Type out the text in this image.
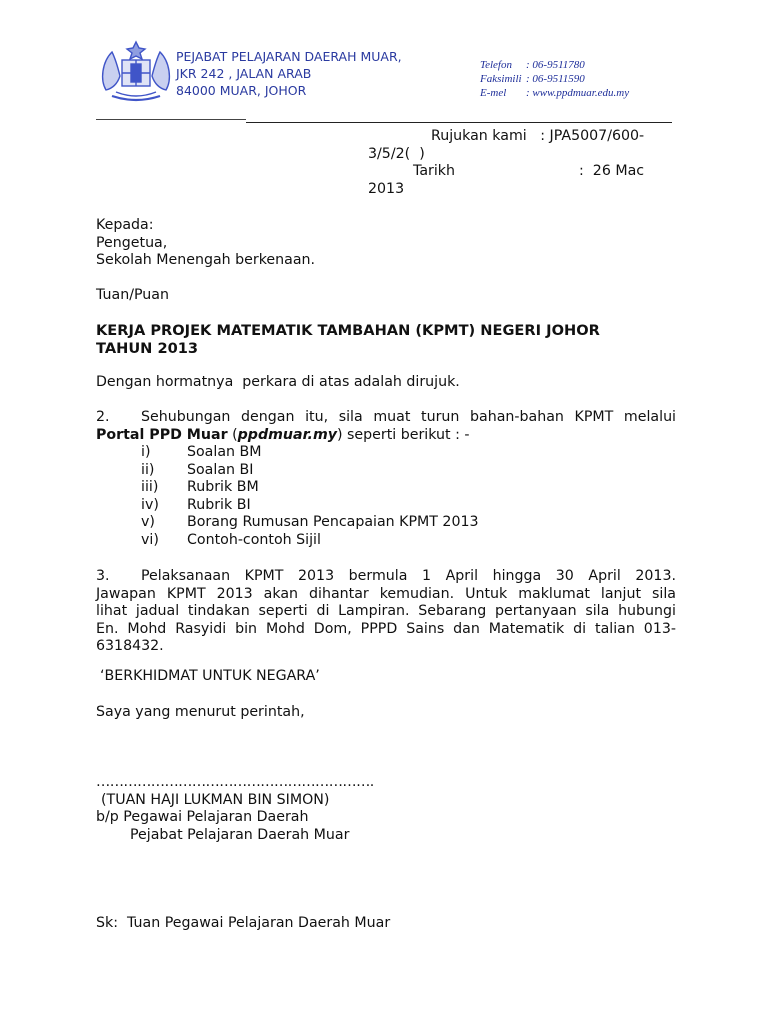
PEJABAT PELAJARAN DAERAH MUAR,
JKR 242 , JALAN ARAB
84000 MUAR, JOHOR
Telefon : 06-9511780
Faksimili : 06-9511590
E-mel : www.ppdmuar.edu.my
Rujukan kami   : JPA5007/600-
3/5/2(  )
Tarikh	:  26 Mac
2013
Kepada:
Pengetua,
Sekolah Menengah berkenaan.
Tuan/Puan
KERJA PROJEK MATEMATIK TAMBAHAN (KPMT) NEGERI JOHOR
TAHUN 2013
Dengan hormatnya  perkara di atas adalah dirujuk.
2. Sehubungan dengan itu, sila muat turun bahan-bahan KPMT melalui
Portal PPD Muar (ppdmuar.my) seperti berikut : -
i)	Soalan BM
ii) Soalan BI
iii) Rubrik BM
iv) Rubrik BI
v) Borang Rumusan Pencapaian KPMT 2013
vi) Contoh-contoh Sijil
3. Pelaksanaan KPMT 2013 bermula 1 April hingga 30 April 2013.
Jawapan KPMT 2013 akan dihantar kemudian. Untuk maklumat lanjut sila
lihat jadual tindakan seperti di Lampiran. Sebarang pertanyaan sila hubungi
En. Mohd Rasyidi bin Mohd Dom, PPPD Sains dan Matematik di talian 013-
6318432.
‘BERKHIDMAT UNTUK NEGARA’
Saya yang menurut perintah,
…………………………………………………….
(TUAN HAJI LUKMAN BIN SIMON)
b/p Pegawai Pelajaran Daerah
Pejabat Pelajaran Daerah Muar
Sk:  Tuan Pegawai Pelajaran Daerah Muar
